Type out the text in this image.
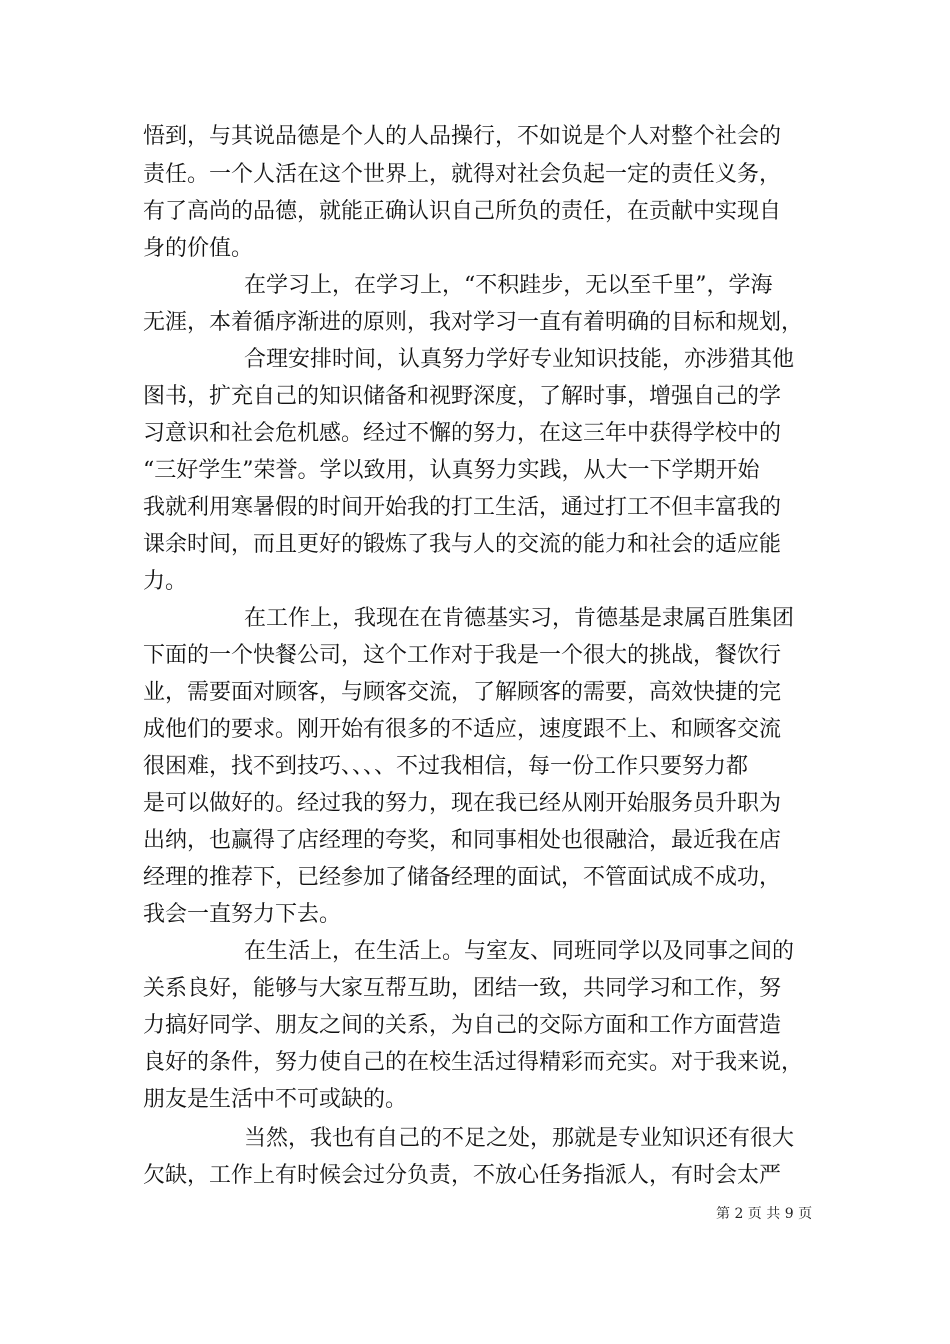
悟到，与其说品德是个人的人品操行，不如说是个人对整个社会的
责任。一个人活在这个世界上，就得对社会负起一定的责任义务，
有了高尚的品德，就能正确认识自己所负的责任，在贡献中实现自
身的价值。
在学习上，在学习上，“不积跬步，无以至千里”，学海
无涯，本着循序渐进的原则，我对学习一直有着明确的目标和规划，
合理安排时间，认真努力学好专业知识技能，亦涉猎其他
图书，扩充自己的知识储备和视野深度，了解时事，增强自己的学
习意识和社会危机感。经过不懈的努力，在这三年中获得学校中的
“三好学生”荣誉。学以致用，认真努力实践，从大一下学期开始
我就利用寒暑假的时间开始我的打工生活，通过打工不但丰富我的
课余时间，而且更好的锻炼了我与人的交流的能力和社会的适应能
力。
在工作上，我现在在肯德基实习，肯德基是隶属百胜集团
下面的一个快餐公司，这个工作对于我是一个很大的挑战，餐饮行
业，需要面对顾客，与顾客交流，了解顾客的需要，高效快捷的完
成他们的要求。刚开始有很多的不适应，速度跟不上、和顾客交流
很困难，找不到技巧、、、、不过我相信，每一份工作只要努力都
是可以做好的。经过我的努力，现在我已经从刚开始服务员升职为
出纳，也赢得了店经理的夸奖，和同事相处也很融洽，最近我在店
经理的推荐下，已经参加了储备经理的面试，不管面试成不成功，
我会一直努力下去。
在生活上，在生活上。与室友、同班同学以及同事之间的
关系良好，能够与大家互帮互助，团结一致，共同学习和工作，努
力搞好同学、朋友之间的关系，为自己的交际方面和工作方面营造
良好的条件，努力使自己的在校生活过得精彩而充实。对于我来说，
朋友是生活中不可或缺的。
当然，我也有自己的不足之处，那就是专业知识还有很大
欠缺，工作上有时候会过分负责，不放心任务指派人，有时会太严
第 2 页 共 9 页
